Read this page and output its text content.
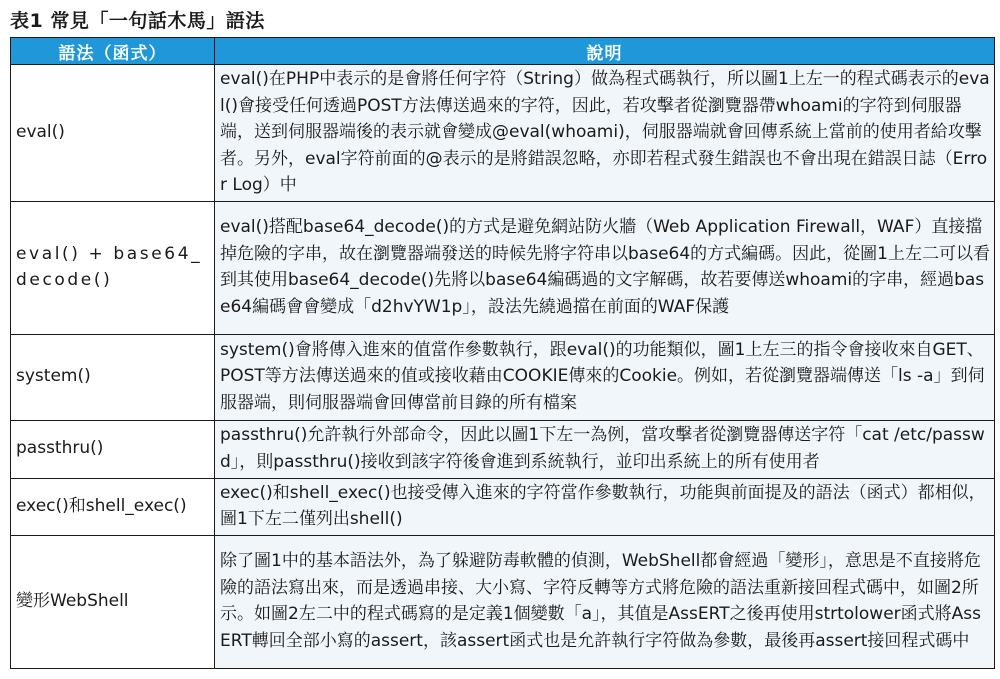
表1 常見「一句話木馬」語法
語法（函式）	說明
eval()	eval()在PHP中表示的是會將任何字符（String）做為程式碼執行，所以圖1上左一的程式碼表示的eval()會接受任何透過POST方法傳送過來的字符，因此，若攻擊者從瀏覽器帶whoami的字符到伺服器端，送到伺服器端後的表示就會變成@eval(whoami)，伺服器端就會回傳系統上當前的使用者給攻擊者。另外，eval字符前面的@表示的是將錯誤忽略，亦即若程式發生錯誤也不會出現在錯誤日誌（Error Log）中
eval() + base64_decode()	eval()搭配base64_decode()的方式是避免網站防火牆（Web Application Firewall，WAF）直接擋掉危險的字串，故在瀏覽器端發送的時候先將字符串以base64的方式編碼。因此，從圖1上左二可以看到其使用base64_decode()先將以base64編碼過的文字解碼，故若要傳送whoami的字串，經過base64編碼會會變成「d2hvYW1p」，設法先繞過擋在前面的WAF保護
system()	system()會將傳入進來的值當作參數執行，跟eval()的功能類似，圖1上左三的指令會接收來自GET、POST等方法傳送過來的值或接收藉由COOKIE傳來的Cookie。例如，若從瀏覽器端傳送「ls -a」到伺服器端，則伺服器端會回傳當前目錄的所有檔案
passthru()	passthru()允許執行外部命令，因此以圖1下左一為例，當攻擊者從瀏覽器傳送字符「cat /etc/passwd」，則passthru()接收到該字符後會進到系統執行，並印出系統上的所有使用者
exec()和shell_exec()	exec()和shell_exec()也接受傳入進來的字符當作參數執行，功能與前面提及的語法（函式）都相似，圖1下左二僅列出shell()
變形WebShell	除了圖1中的基本語法外，為了躲避防毒軟體的偵測，WebShell都會經過「變形」，意思是不直接將危險的語法寫出來，而是透過串接、大小寫、字符反轉等方式將危險的語法重新接回程式碼中，如圖2所示。如圖2左二中的程式碼寫的是定義1個變數「a」，其值是AssERT之後再使用strtolower函式將AssERT轉回全部小寫的assert，該assert函式也是允許執行字符做為參數，最後再assert接回程式碼中
